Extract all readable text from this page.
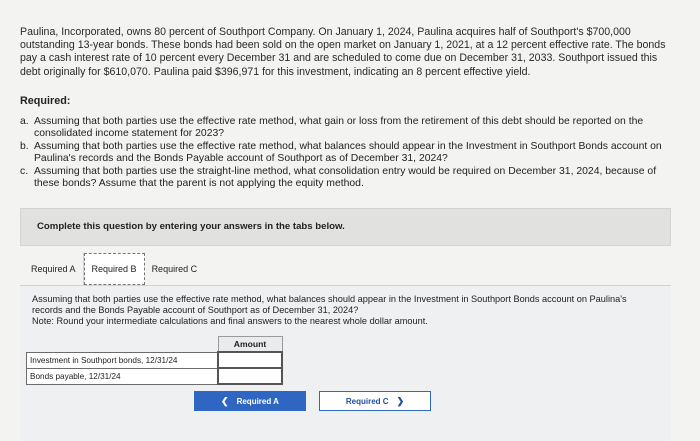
Paulina, Incorporated, owns 80 percent of Southport Company. On January 1, 2024, Paulina acquires half of Southport's $700,000 outstanding 13-year bonds. These bonds had been sold on the open market on January 1, 2021, at a 12 percent effective rate. The bonds pay a cash interest rate of 10 percent every December 31 and are scheduled to come due on December 31, 2033. Southport issued this debt originally for $610,070. Paulina paid $396,971 for this investment, indicating an 8 percent effective yield.
Required:
a. Assuming that both parties use the effective rate method, what gain or loss from the retirement of this debt should be reported on the consolidated income statement for 2023?
b. Assuming that both parties use the effective rate method, what balances should appear in the Investment in Southport Bonds account on Paulina's records and the Bonds Payable account of Southport as of December 31, 2024?
c. Assuming that both parties use the straight-line method, what consolidation entry would be required on December 31, 2024, because of these bonds? Assume that the parent is not applying the equity method.
Complete this question by entering your answers in the tabs below.
Required A	Required B	Required C
Assuming that both parties use the effective rate method, what balances should appear in the Investment in Southport Bonds account on Paulina's records and the Bonds Payable account of Southport as of December 31, 2024?
Note: Round your intermediate calculations and final answers to the nearest whole dollar amount.
	Amount
Investment in Southport bonds, 12/31/24	
Bonds payable, 12/31/24	
❮ Required A	Required C ❯
